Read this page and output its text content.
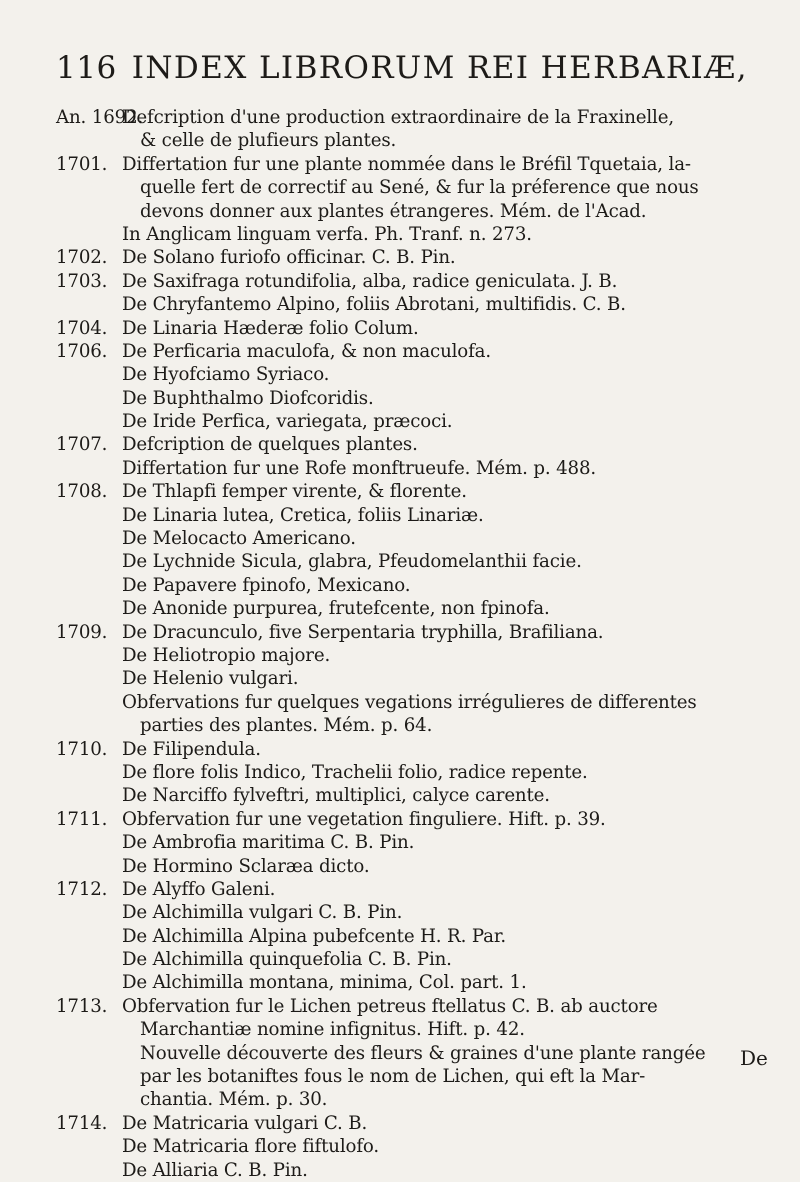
116 INDEX LIBRORUM REI HERBARIÆ,
An. 1692.
Defcription d'une production extraordinaire de la Fraxinelle,
& celle de plufieurs plantes.
1701. Differtation fur une plante nommée dans le Bréfil Tquetaia, la-
quelle fert de correctif au Sené, & fur la préference que nous
devons donner aux plantes étrangeres. Mém. de l'Acad.
In Anglicam linguam verfa. Ph. Tranf. n. 273.
1702. De Solano furiofo officinar. C. B. Pin.
1703. De Saxifraga rotundifolia, alba, radice geniculata. J. B.
De Chryfantemo Alpino, foliis Abrotani, multifidis. C. B.
1704. De Linaria Hæderæ folio Colum.
1706. De Perficaria maculofa, & non maculofa.
De Hyofciamo Syriaco.
De Buphthalmo Diofcoridis.
De Iride Perfica, variegata, præcoci.
1707. Defcription de quelques plantes.
Differtation fur une Rofe monftrueufe. Mém. p. 488.
1708. De Thlapfi femper virente, & florente.
De Linaria lutea, Cretica, foliis Linariæ.
De Melocacto Americano.
De Lychnide Sicula, glabra, Pfeudomelanthii facie.
De Papavere fpinofo, Mexicano.
De Anonide purpurea, frutefcente, non fpinofa.
1709. De Dracunculo, five Serpentaria tryphilla, Brafiliana.
De Heliotropio majore.
De Helenio vulgari.
Obfervations fur quelques vegations irrégulieres de differentes
parties des plantes. Mém. p. 64.
1710. De Filipendula.
De flore folis Indico, Trachelii folio, radice repente.
De Narciffo fylveftri, multiplici, calyce carente.
1711. Obfervation fur une vegetation finguliere. Hift. p. 39.
De Ambrofia maritima C. B. Pin.
De Hormino Sclaræa dicto.
1712. De Alyffo Galeni.
De Alchimilla vulgari C. B. Pin.
De Alchimilla Alpina pubefcente H. R. Par.
De Alchimilla quinquefolia C. B. Pin.
De Alchimilla montana, minima, Col. part. 1.
1713. Obfervation fur le Lichen petreus ftellatus C. B. ab auctore
Marchantiæ nomine infignitus. Hift. p. 42.
Nouvelle découverte des fleurs & graines d'une plante rangée
par les botaniftes fous le nom de Lichen, qui eft la Mar-
chantia. Mém. p. 30.
1714. De Matricaria vulgari C. B.
De Matricaria flore fiftulofo.
De Alliaria C. B. Pin.
De
